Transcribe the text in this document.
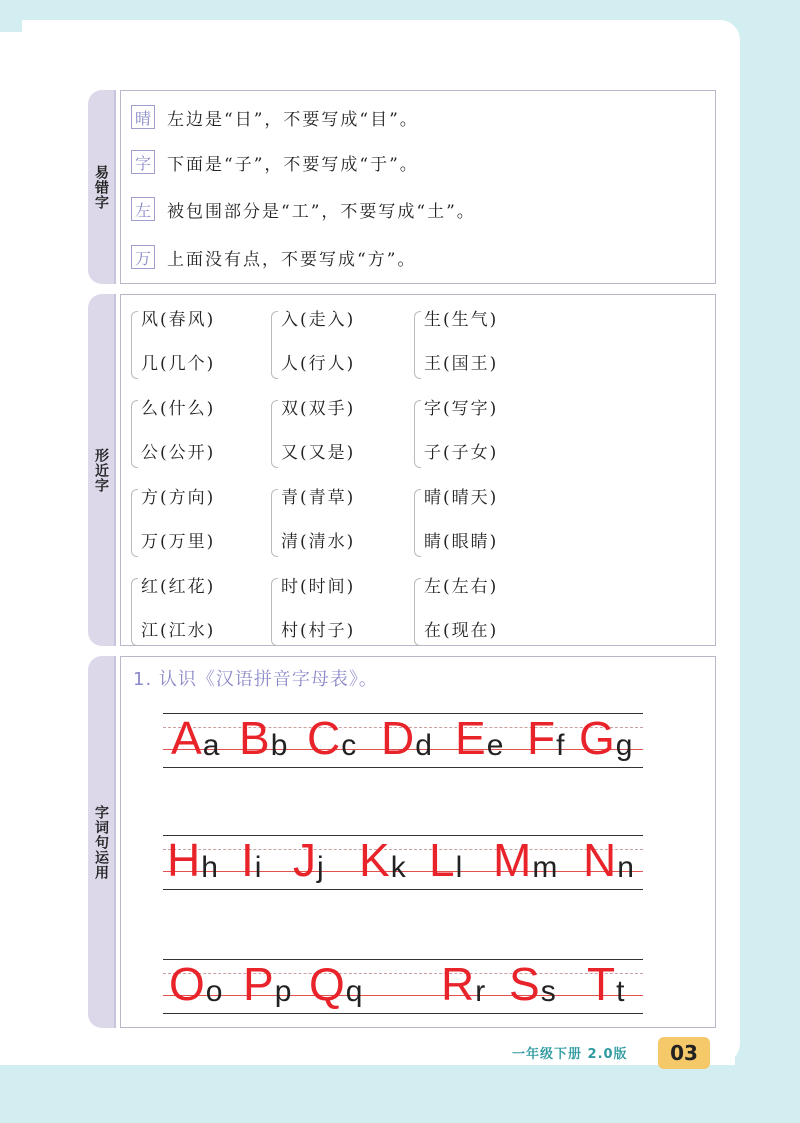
易错字
晴 左边是“日”，不要写成“目”。
字 下面是“子”，不要写成“于”。
左 被包围部分是“工”，不要写成“土”。
万 上面没有点，不要写成“方”。
形近字
风(春风)
几(几个)
么(什么)
公(公开)
方(方向)
万(万里)
红(红花)
江(江水)
入(走入)
人(行人)
双(双手)
又(又是)
青(青草)
清(清水)
时(时间)
村(村子)
生(生气)
王(国王)
字(写字)
子(子女)
晴(晴天)
睛(眼睛)
左(左右)
在(现在)
字词句运用
1. 认识《汉语拼音字母表》。
A a B b C c D d E e F f G g
H h I i J j K k L l M m N n
O o P p Q q R r S s T t
一年级下册 2.0版	03
